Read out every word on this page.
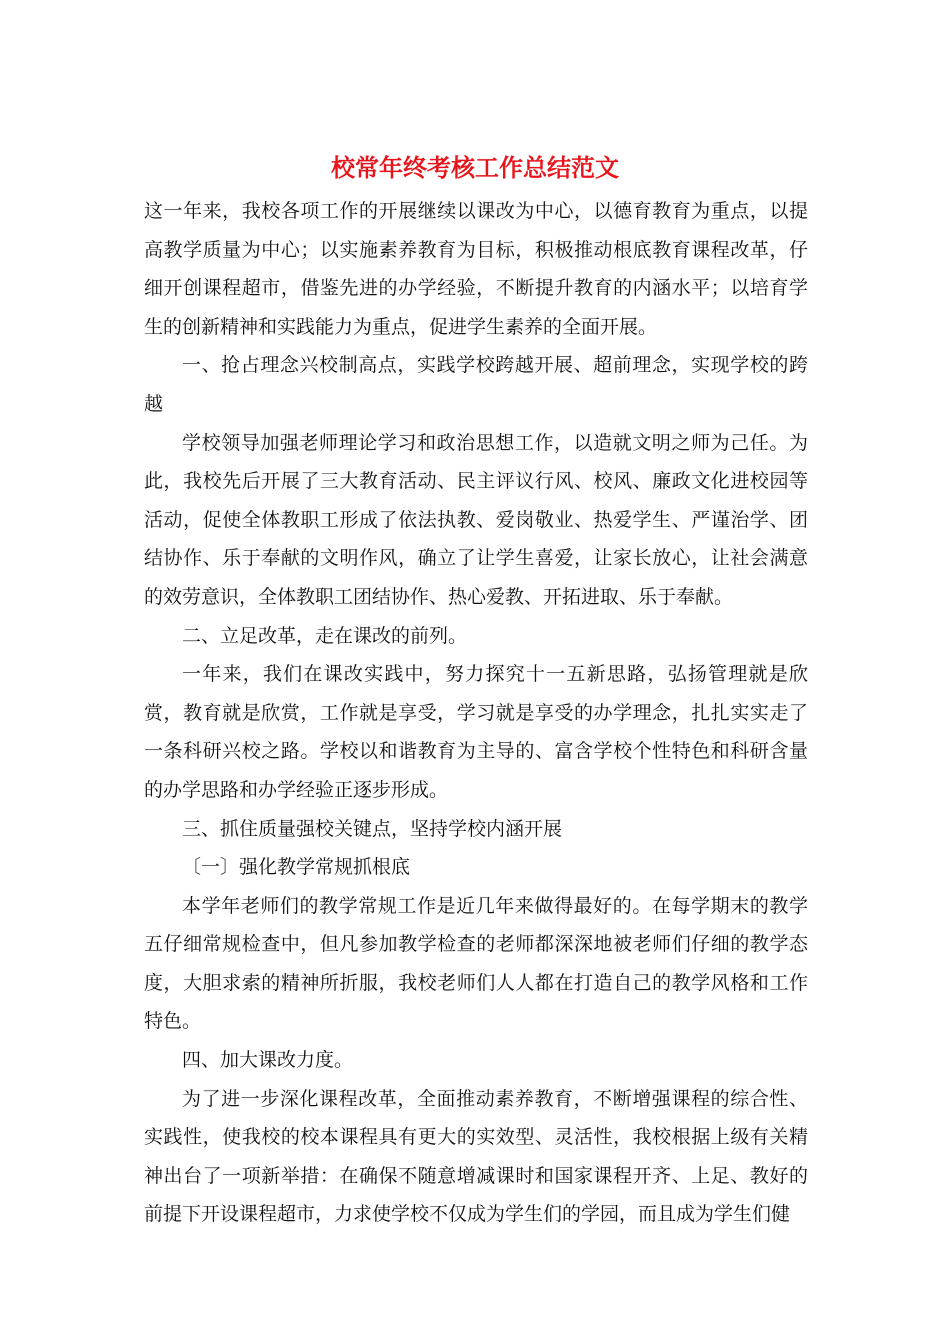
校常年终考核工作总结范文

这一年来，我校各项工作的开展继续以课改为中心，以德育教育为重点，以提高教学质量为中心；以实施素养教育为目标，积极推动根底教育课程改革，仔细开创课程超市，借鉴先进的办学经验，不断提升教育的内涵水平；以培育学生的创新精神和实践能力为重点，促进学生素养的全面开展。

一、抢占理念兴校制高点，实践学校跨越开展、超前理念，实现学校的跨越

学校领导加强老师理论学习和政治思想工作，以造就文明之师为己任。为此，我校先后开展了三大教育活动、民主评议行风、校风、廉政文化进校园等活动，促使全体教职工形成了依法执教、爱岗敬业、热爱学生、严谨治学、团结协作、乐于奉献的文明作风，确立了让学生喜爱，让家长放心，让社会满意的效劳意识，全体教职工团结协作、热心爱教、开拓进取、乐于奉献。

二、立足改革，走在课改的前列。

一年来，我们在课改实践中，努力探究十一五新思路，弘扬管理就是欣赏，教育就是欣赏，工作就是享受，学习就是享受的办学理念，扎扎实实走了一条科研兴校之路。学校以和谐教育为主导的、富含学校个性特色和科研含量的办学思路和办学经验正逐步形成。

三、抓住质量强校关键点，坚持学校内涵开展

〔一〕强化教学常规抓根底

本学年老师们的教学常规工作是近几年来做得最好的。在每学期末的教学五仔细常规检查中，但凡参加教学检查的老师都深深地被老师们仔细的教学态度，大胆求索的精神所折服，我校老师们人人都在打造自己的教学风格和工作特色。

四、加大课改力度。

为了进一步深化课程改革，全面推动素养教育，不断增强课程的综合性、实践性，使我校的校本课程具有更大的实效型、灵活性，我校根据上级有关精神出台了一项新举措：在确保不随意增减课时和国家课程开齐、上足、教好的前提下开设课程超市，力求使学校不仅成为学生们的学园，而且成为学生们健
